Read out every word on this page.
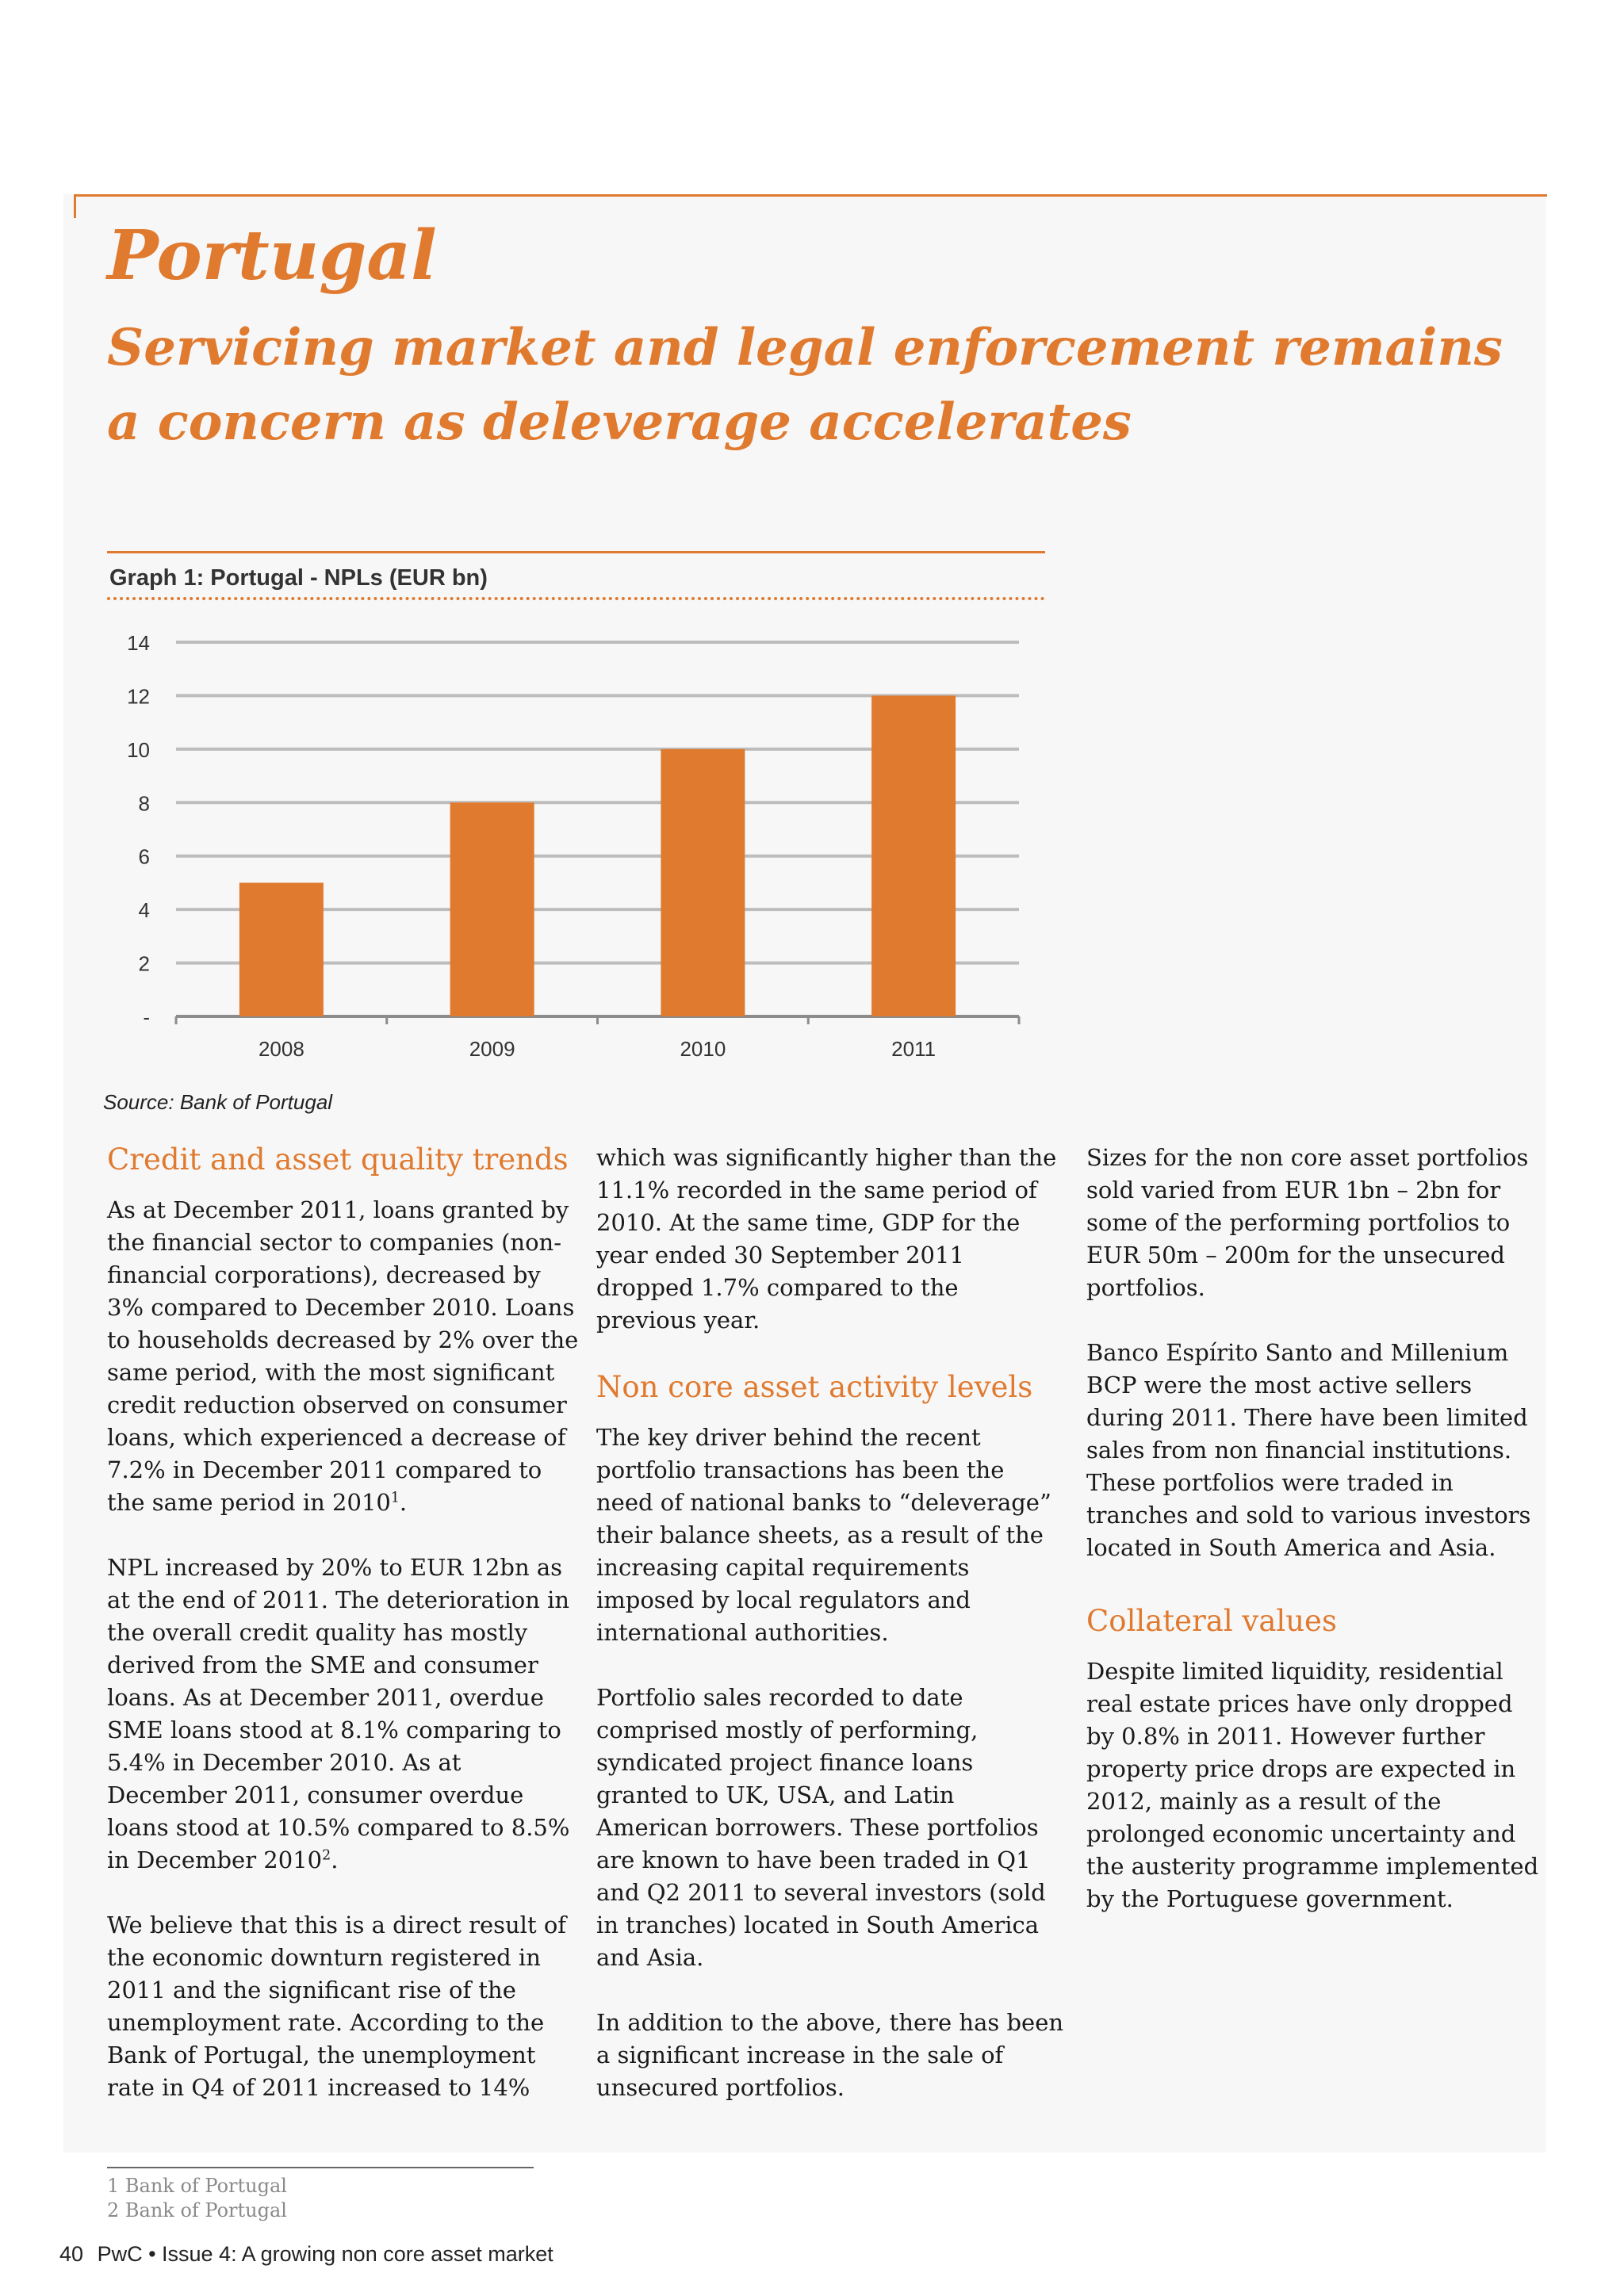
Portugal
Servicing market and legal enforcement remains a concern as deleverage accelerates
Graph 1: Portugal - NPLs (EUR bn)
-
2
4
6
8
10
12
14
2008	2009	2010	2011
Source: Bank of Portugal
Credit and asset quality trends

As at December 2011, loans granted by the financial sector to companies (non-financial corporations), decreased by 3% compared to December 2010. Loans to households decreased by 2% over the same period, with the most significant credit reduction observed on consumer loans, which experienced a decrease of 7.2% in December 2011 compared to the same period in 2010$^1$.

NPL increased by 20% to EUR 12bn as at the end of 2011. The deterioration in the overall credit quality has mostly derived from the SME and consumer loans. As at December 2011, overdue SME loans stood at 8.1% comparing to 5.4% in December 2010. As at December 2011, consumer overdue loans stood at 10.5% compared to 8.5% in December 2010$^2$.

We believe that this is a direct result of the economic downturn registered in 2011 and the significant rise of the unemployment rate. According to the Bank of Portugal, the unemployment rate in Q4 of 2011 increased to 14%

which was significantly higher than the 11.1% recorded in the same period of 2010. At the same time, GDP for the year ended 30 September 2011 dropped 1.7% compared to the previous year.

Non core asset activity levels

The key driver behind the recent portfolio transactions has been the need of national banks to “deleverage” their balance sheets, as a result of the increasing capital requirements imposed by local regulators and international authorities.

Portfolio sales recorded to date comprised mostly of performing, syndicated project finance loans granted to UK, USA, and Latin American borrowers. These portfolios are known to have been traded in Q1 and Q2 2011 to several investors (sold in tranches) located in South America and Asia.

In addition to the above, there has been a significant increase in the sale of unsecured portfolios.

Sizes for the non core asset portfolios sold varied from EUR 1bn – 2bn for some of the performing portfolios to EUR 50m – 200m for the unsecured portfolios.

Banco Espírito Santo and Millenium BCP were the most active sellers during 2011. There have been limited sales from non financial institutions. These portfolios were traded in tranches and sold to various investors located in South America and Asia.

Collateral values

Despite limited liquidity, residential real estate prices have only dropped by 0.8% in 2011. However further property price drops are expected in 2012, mainly as a result of the prolonged economic uncertainty and the austerity programme implemented by the Portuguese government.

1 Bank of Portugal
2 Bank of Portugal
40 PwC • Issue 4: A growing non core asset market
